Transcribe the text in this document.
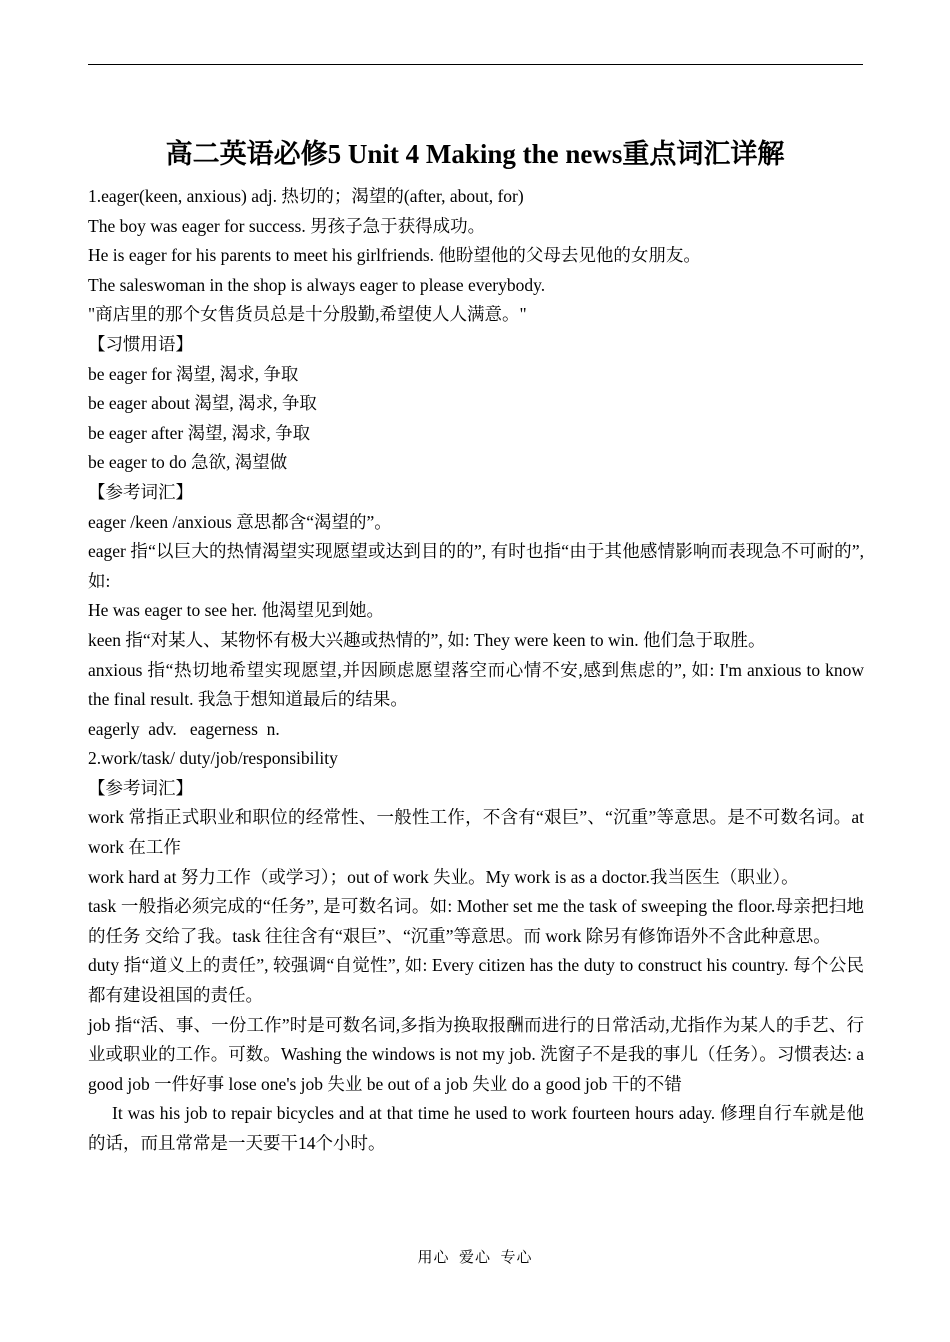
高二英语必修5 Unit 4 Making the news重点词汇详解

1.eager(keen, anxious) adj. 热切的；渴望的(after, about, for)

The boy was eager for success. 男孩子急于获得成功。

He is eager for his parents to meet his girlfriends. 他盼望他的父母去见他的女朋友。

The saleswoman in the shop is always eager to please everybody.

"商店里的那个女售货员总是十分殷勤,希望使人人满意。"

【习惯用语】

be eager for 渴望, 渴求, 争取

be eager about 渴望, 渴求, 争取

be eager after 渴望, 渴求, 争取

be eager to do 急欲, 渴望做

【参考词汇】

eager /keen /anxious 意思都含“渴望的”。

eager 指“以巨大的热情渴望实现愿望或达到目的的”, 有时也指“由于其他感情影响而表现急不可耐的”, 如:

He was eager to see her. 他渴望见到她。

keen 指“对某人、某物怀有极大兴趣或热情的”, 如: They were keen to win. 他们急于取胜。

anxious 指“热切地希望实现愿望,并因顾虑愿望落空而心情不安,感到焦虑的”, 如: I'm anxious to know the final result. 我急于想知道最后的结果。

eagerly  adv.   eagerness  n.

2.work/task/ duty/job/responsibility

【参考词汇】

work 常指正式职业和职位的经常性、一般性工作，不含有“艰巨”、“沉重”等意思。是不可数名词。at work 在工作

work hard at 努力工作（或学习）；out of work 失业。My work is as a doctor.我当医生（职业）。

task 一般指必须完成的“任务”, 是可数名词。如: Mother set me the task of sweeping the floor.母亲把扫地的任务 交给了我。task 往往含有“艰巨”、“沉重”等意思。而 work 除另有修饰语外不含此种意思。

duty 指“道义上的责任”, 较强调“自觉性”, 如: Every citizen has the duty to construct his country. 每个公民都有建设祖国的责任。

job 指“活、事、一份工作”时是可数名词,多指为换取报酬而进行的日常活动,尤指作为某人的手艺、行业或职业的工作。可数。Washing the windows is not my job. 洗窗子不是我的事儿（任务）。习惯表达: a good job 一件好事 lose one's job 失业 be out of a job 失业 do a good job 干的不错

It was his job to repair bicycles and at that time he used to work fourteen hours aday. 修理自行车就是他的话，而且常常是一天要干14个小时。

用心  爱心  专心
